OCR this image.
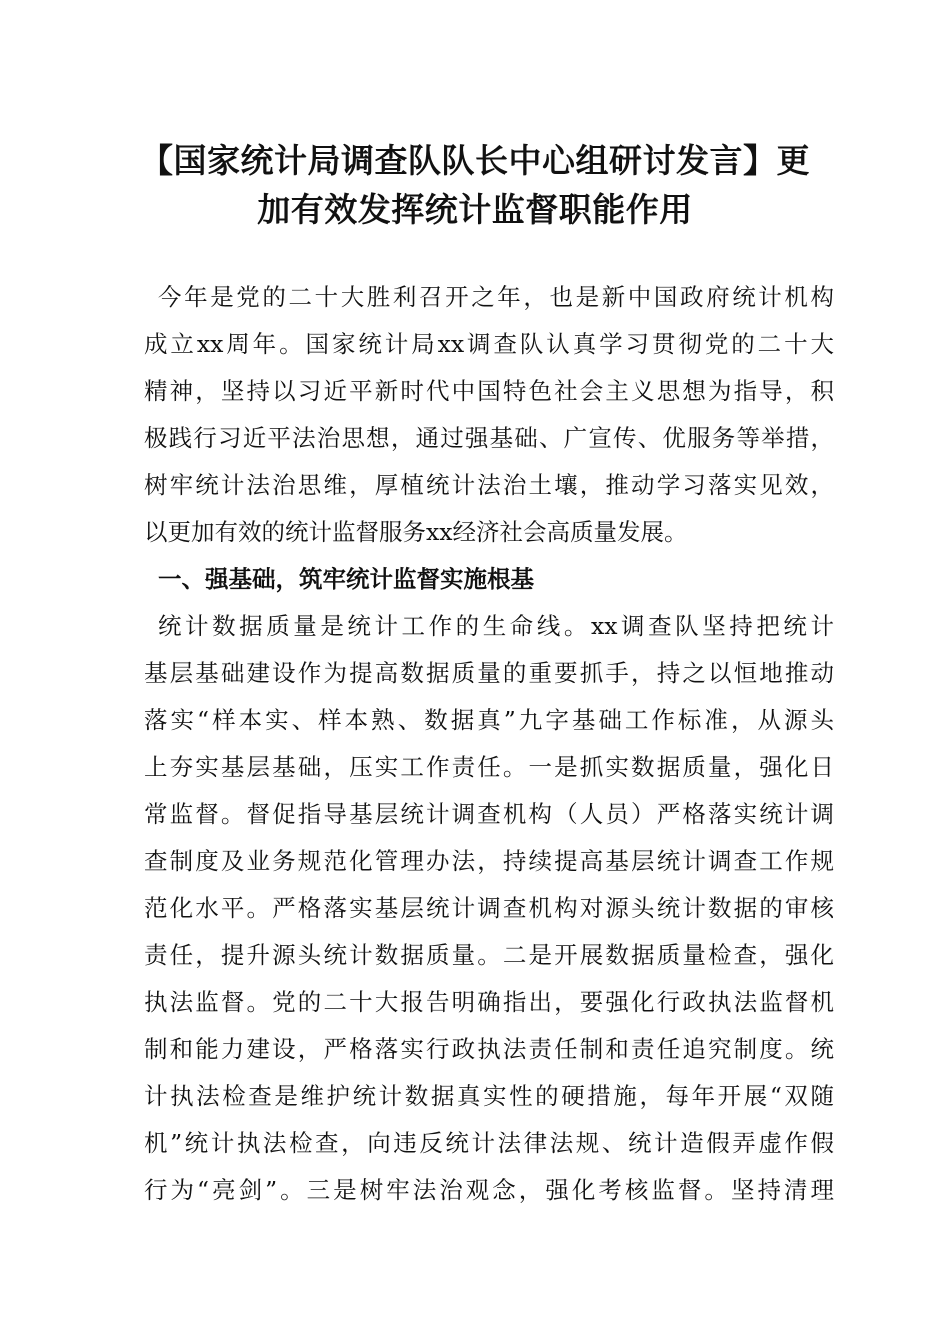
【国家统计局调查队队长中心组研讨发言】更
加有效发挥统计监督职能作用
今年是党的二十大胜利召开之年，也是新中国政府统计机构
成立xx周年。国家统计局xx调查队认真学习贯彻党的二十大
精神，坚持以习近平新时代中国特色社会主义思想为指导，积
极践行习近平法治思想，通过强基础、广宣传、优服务等举措，
树牢统计法治思维，厚植统计法治土壤，推动学习落实见效，
以更加有效的统计监督服务xx经济社会高质量发展。
一、强基础，筑牢统计监督实施根基
统计数据质量是统计工作的生命线。xx调查队坚持把统计
基层基础建设作为提高数据质量的重要抓手，持之以恒地推动
落实“样本实、样本熟、数据真”九字基础工作标准，从源头
上夯实基层基础，压实工作责任。一是抓实数据质量，强化日
常监督。督促指导基层统计调查机构（人员）严格落实统计调
查制度及业务规范化管理办法，持续提高基层统计调查工作规
范化水平。严格落实基层统计调查机构对源头统计数据的审核
责任，提升源头统计数据质量。二是开展数据质量检查，强化
执法监督。党的二十大报告明确指出，要强化行政执法监督机
制和能力建设，严格落实行政执法责任制和责任追究制度。统
计执法检查是维护统计数据真实性的硬措施，每年开展“双随
机”统计执法检查，向违反统计法律法规、统计造假弄虚作假
行为“亮剑”。三是树牢法治观念，强化考核监督。坚持清理
